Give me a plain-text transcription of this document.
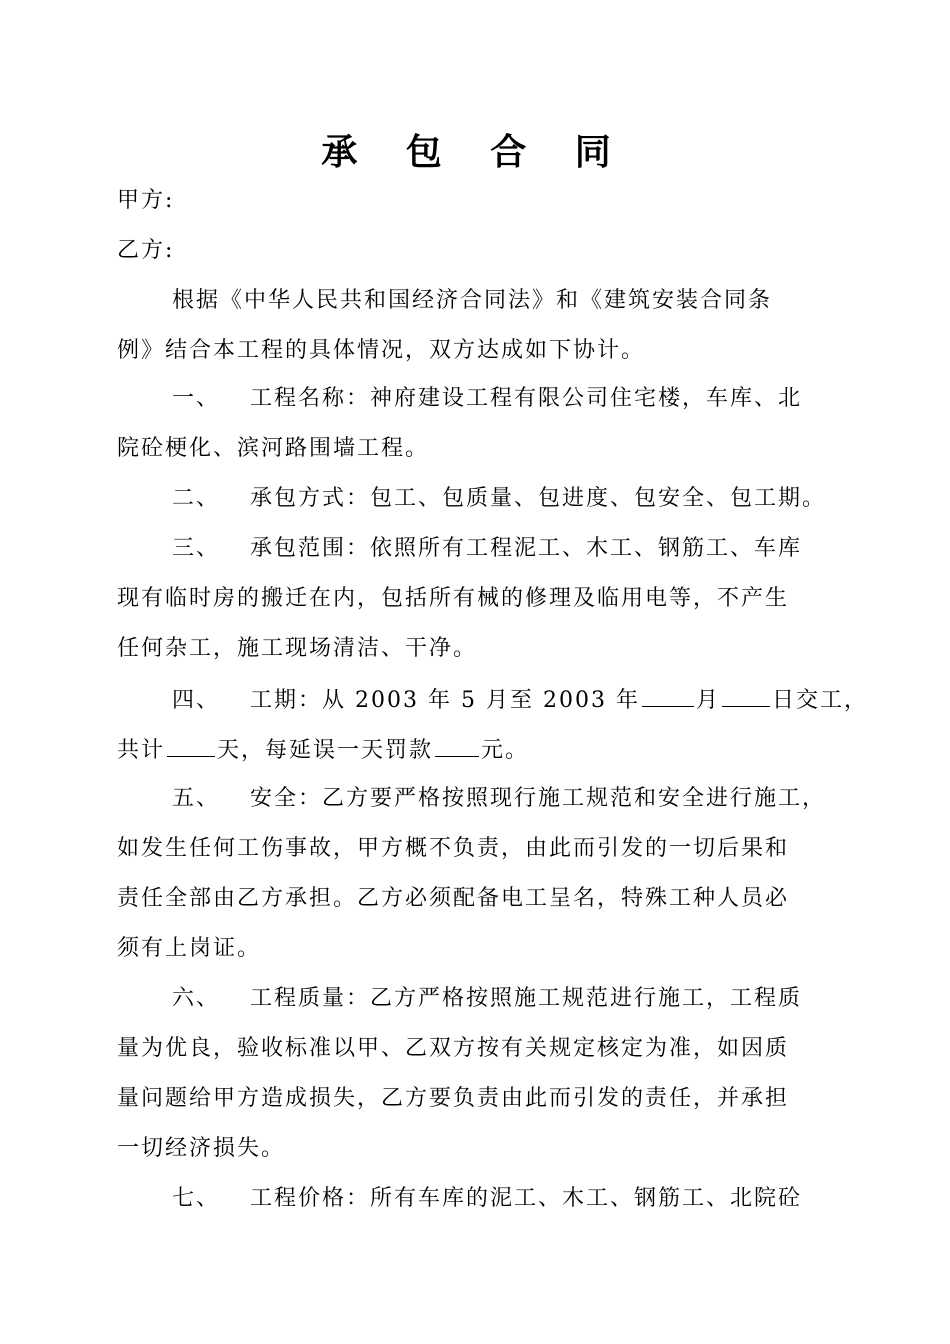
承 包 合 同
甲方:
乙方:
根据《中华人民共和国经济合同法》和《建筑安装合同条
例》结合本工程的具体情况，双方达成如下协计。
一、 工程名称：神府建设工程有限公司住宅楼，车库、北
院砼梗化、滨河路围墙工程。
二、 承包方式：包工、包质量、包进度、包安全、包工期。
三、 承包范围：依照所有工程泥工、木工、钢筋工、车库
现有临时房的搬迁在内，包括所有械的修理及临用电等，不产生
任何杂工，施工现场清洁、干净。
四、 工期：从 2003 年 5 月至 2003 年	月 日交工，
共计 天，每延误一天罚款 元。
五、 安全：乙方要严格按照现行施工规范和安全进行施工，
如发生任何工伤事故，甲方概不负责，由此而引发的一切后果和
责任全部由乙方承担。乙方必须配备电工呈名，特殊工种人员必
须有上岗证。
六、 工程质量：乙方严格按照施工规范进行施工，工程质
量为优良，验收标准以甲、乙双方按有关规定核定为准，如因质
量问题给甲方造成损失，乙方要负责由此而引发的责任，并承担
一切经济损失。
七、 工程价格：所有车库的泥工、木工、钢筋工、北院砼
